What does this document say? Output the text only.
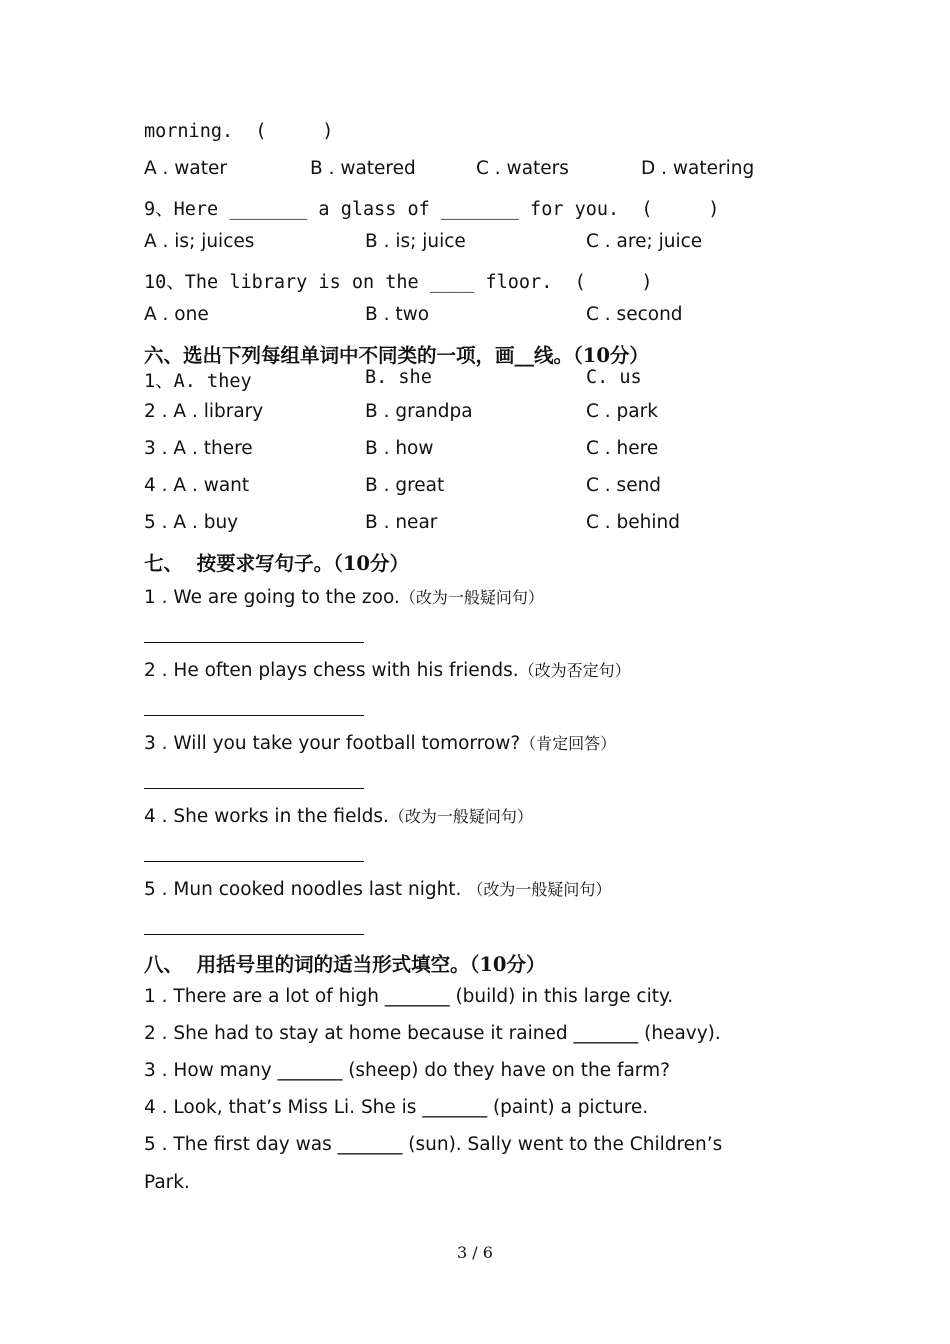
morning.  (     )
A . water	B . watered	C . waters	D . watering
9、Here _______ a glass of _______ for you.  (     )
A . is; juices	B . is; juice	C . are; juice
10、The library is on the ____ floor.  (     )
A . one	B . two	C . second
六、选出下列每组单词中不同类的一项，画__线。（10分）
1、A. they	B. she	C. us
2 . A . library	B . grandpa	C . park
3 . A . there	B . how	C . here
4 . A . want	B . great	C . send
5 . A . buy	B . near	C . behind
七、  按要求写句子。（10分）
1 . We are going to the zoo.（改为一般疑问句）
2 . He often plays chess with his friends.（改为否定句）
3 . Will you take your football tomorrow?（肯定回答）
4 . She works in the fields.（改为一般疑问句）
5 . Mun cooked noodles last night. （改为一般疑问句）
八、  用括号里的词的适当形式填空。（10分）
1 . There are a lot of high _______ (build) in this large city.
2 . She had to stay at home because it rained _______ (heavy).
3 . How many _______ (sheep) do they have on the farm?
4 . Look, that’s Miss Li. She is _______ (paint) a picture.
5 . The first day was _______ (sun). Sally went to the Children’s
Park.
3 / 6
